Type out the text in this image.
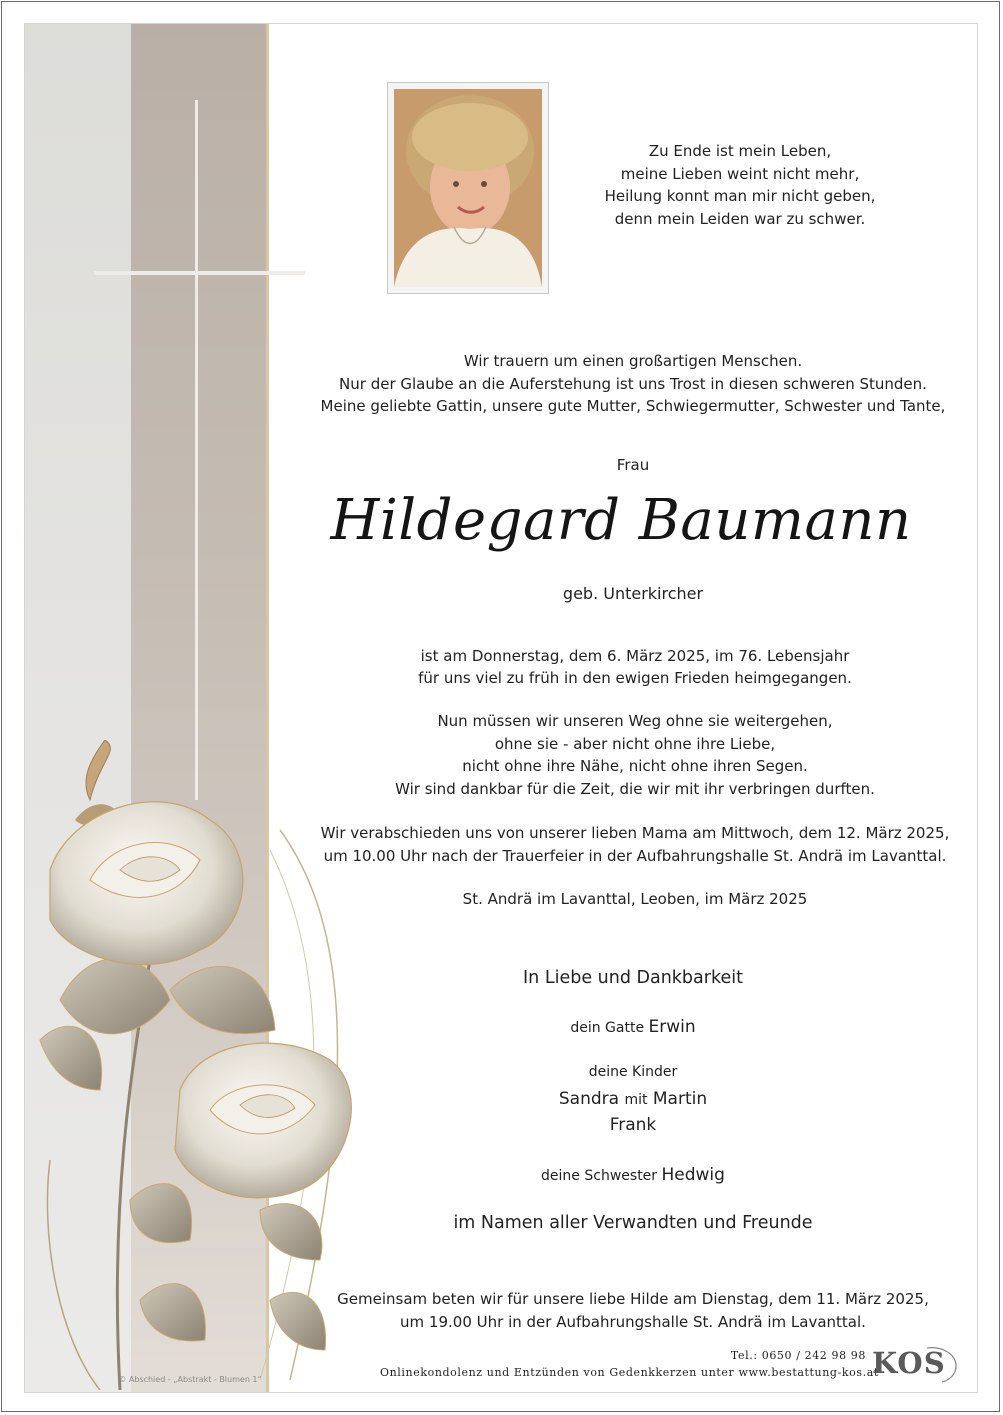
Zu Ende ist mein Leben,
meine Lieben weint nicht mehr,
Heilung konnt man mir nicht geben,
denn mein Leiden war zu schwer.
Wir trauern um einen großartigen Menschen.
Nur der Glaube an die Auferstehung ist uns Trost in diesen schweren Stunden.
Meine geliebte Gattin, unsere gute Mutter, Schwiegermutter, Schwester und Tante,
Frau
Hildegard Baumann
geb. Unterkircher
ist am Donnerstag, dem 6. März 2025, im 76. Lebensjahr
für uns viel zu früh in den ewigen Frieden heimgegangen.
Nun müssen wir unseren Weg ohne sie weitergehen,
ohne sie - aber nicht ohne ihre Liebe,
nicht ohne ihre Nähe, nicht ohne ihren Segen.
Wir sind dankbar für die Zeit, die wir mit ihr verbringen durften.
Wir verabschieden uns von unserer lieben Mama am Mittwoch, dem 12. März 2025,
um 10.00 Uhr nach der Trauerfeier in der Aufbahrungshalle St. Andrä im Lavanttal.
St. Andrä im Lavanttal, Leoben, im März 2025
In Liebe und Dankbarkeit
dein Gatte Erwin
deine Kinder
Sandra mit Martin
Frank
deine Schwester Hedwig
im Namen aller Verwandten und Freunde
Gemeinsam beten wir für unsere liebe Hilde am Dienstag, dem 11. März 2025,
um 19.00 Uhr in der Aufbahrungshalle St. Andrä im Lavanttal.
Tel.: 0650 / 242 98 98
Onlinekondolenz und Entzünden von Gedenkkerzen unter www.bestattung-kos.at
KOS
© Abschied - „Abstrakt - Blumen 1“
